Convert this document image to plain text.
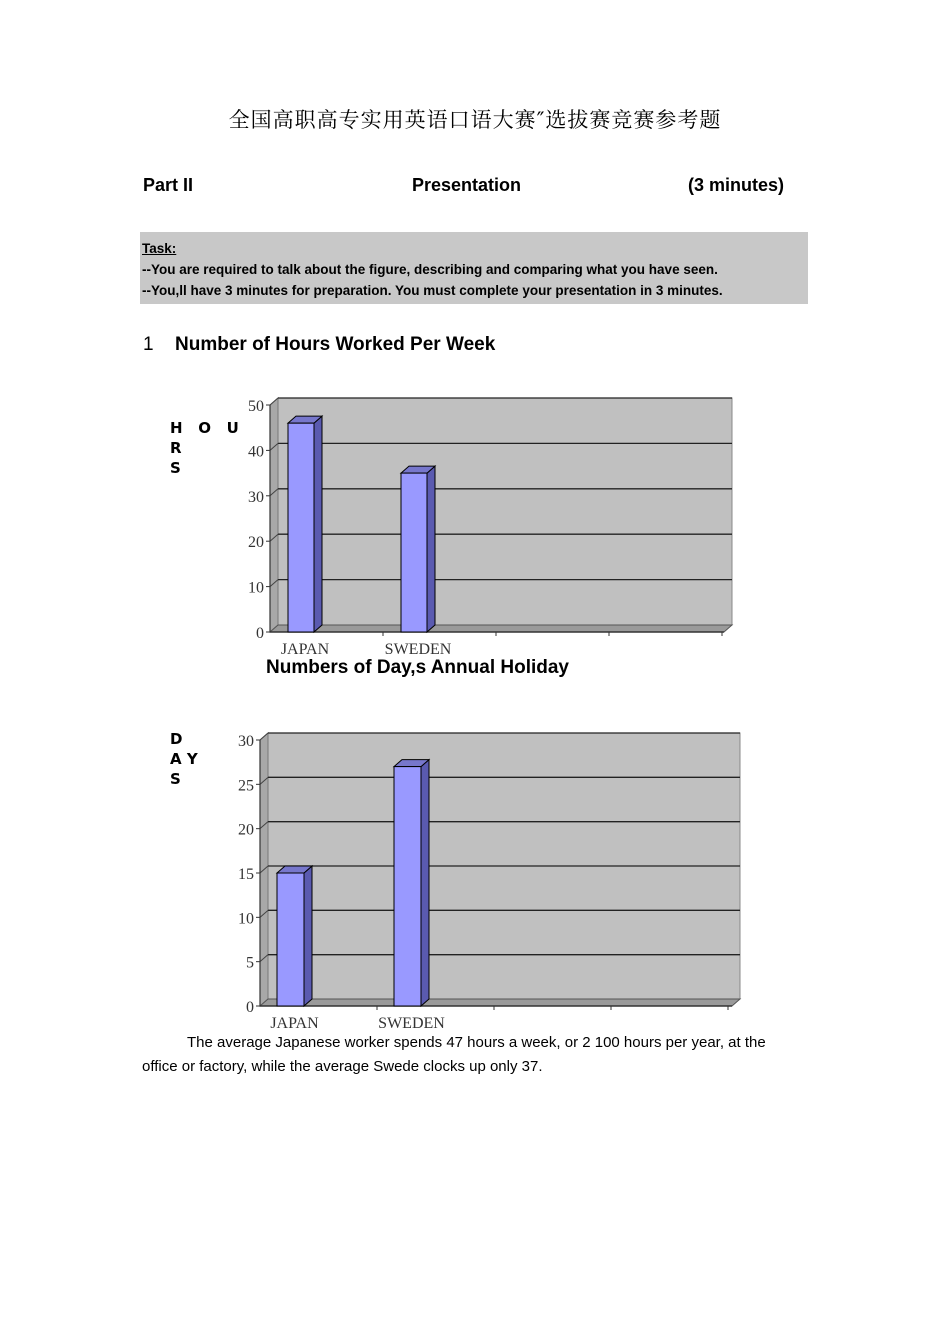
全国高职高专实用英语口语大赛″选拔赛竞赛参考题
Part II	Presentation	(3 minutes)
Task:
--You are required to talk about the figure, describing and comparing what you have seen.
--You,ll have 3 minutes for preparation. You must complete your presentation in 3 minutes.
1 Number of Hours Worked Per Week
H   O   U
R
S
0
10
20
30
40
50
JAPAN	SWEDEN
Numbers of Day,s Annual Holiday
D
A Y
S
0
5
10
15
20
25
30
JAPAN	SWEDEN
The average Japanese worker spends 47 hours a week, or 2 100 hours per year, at the office or factory, while the average Swede clocks up only 37.
